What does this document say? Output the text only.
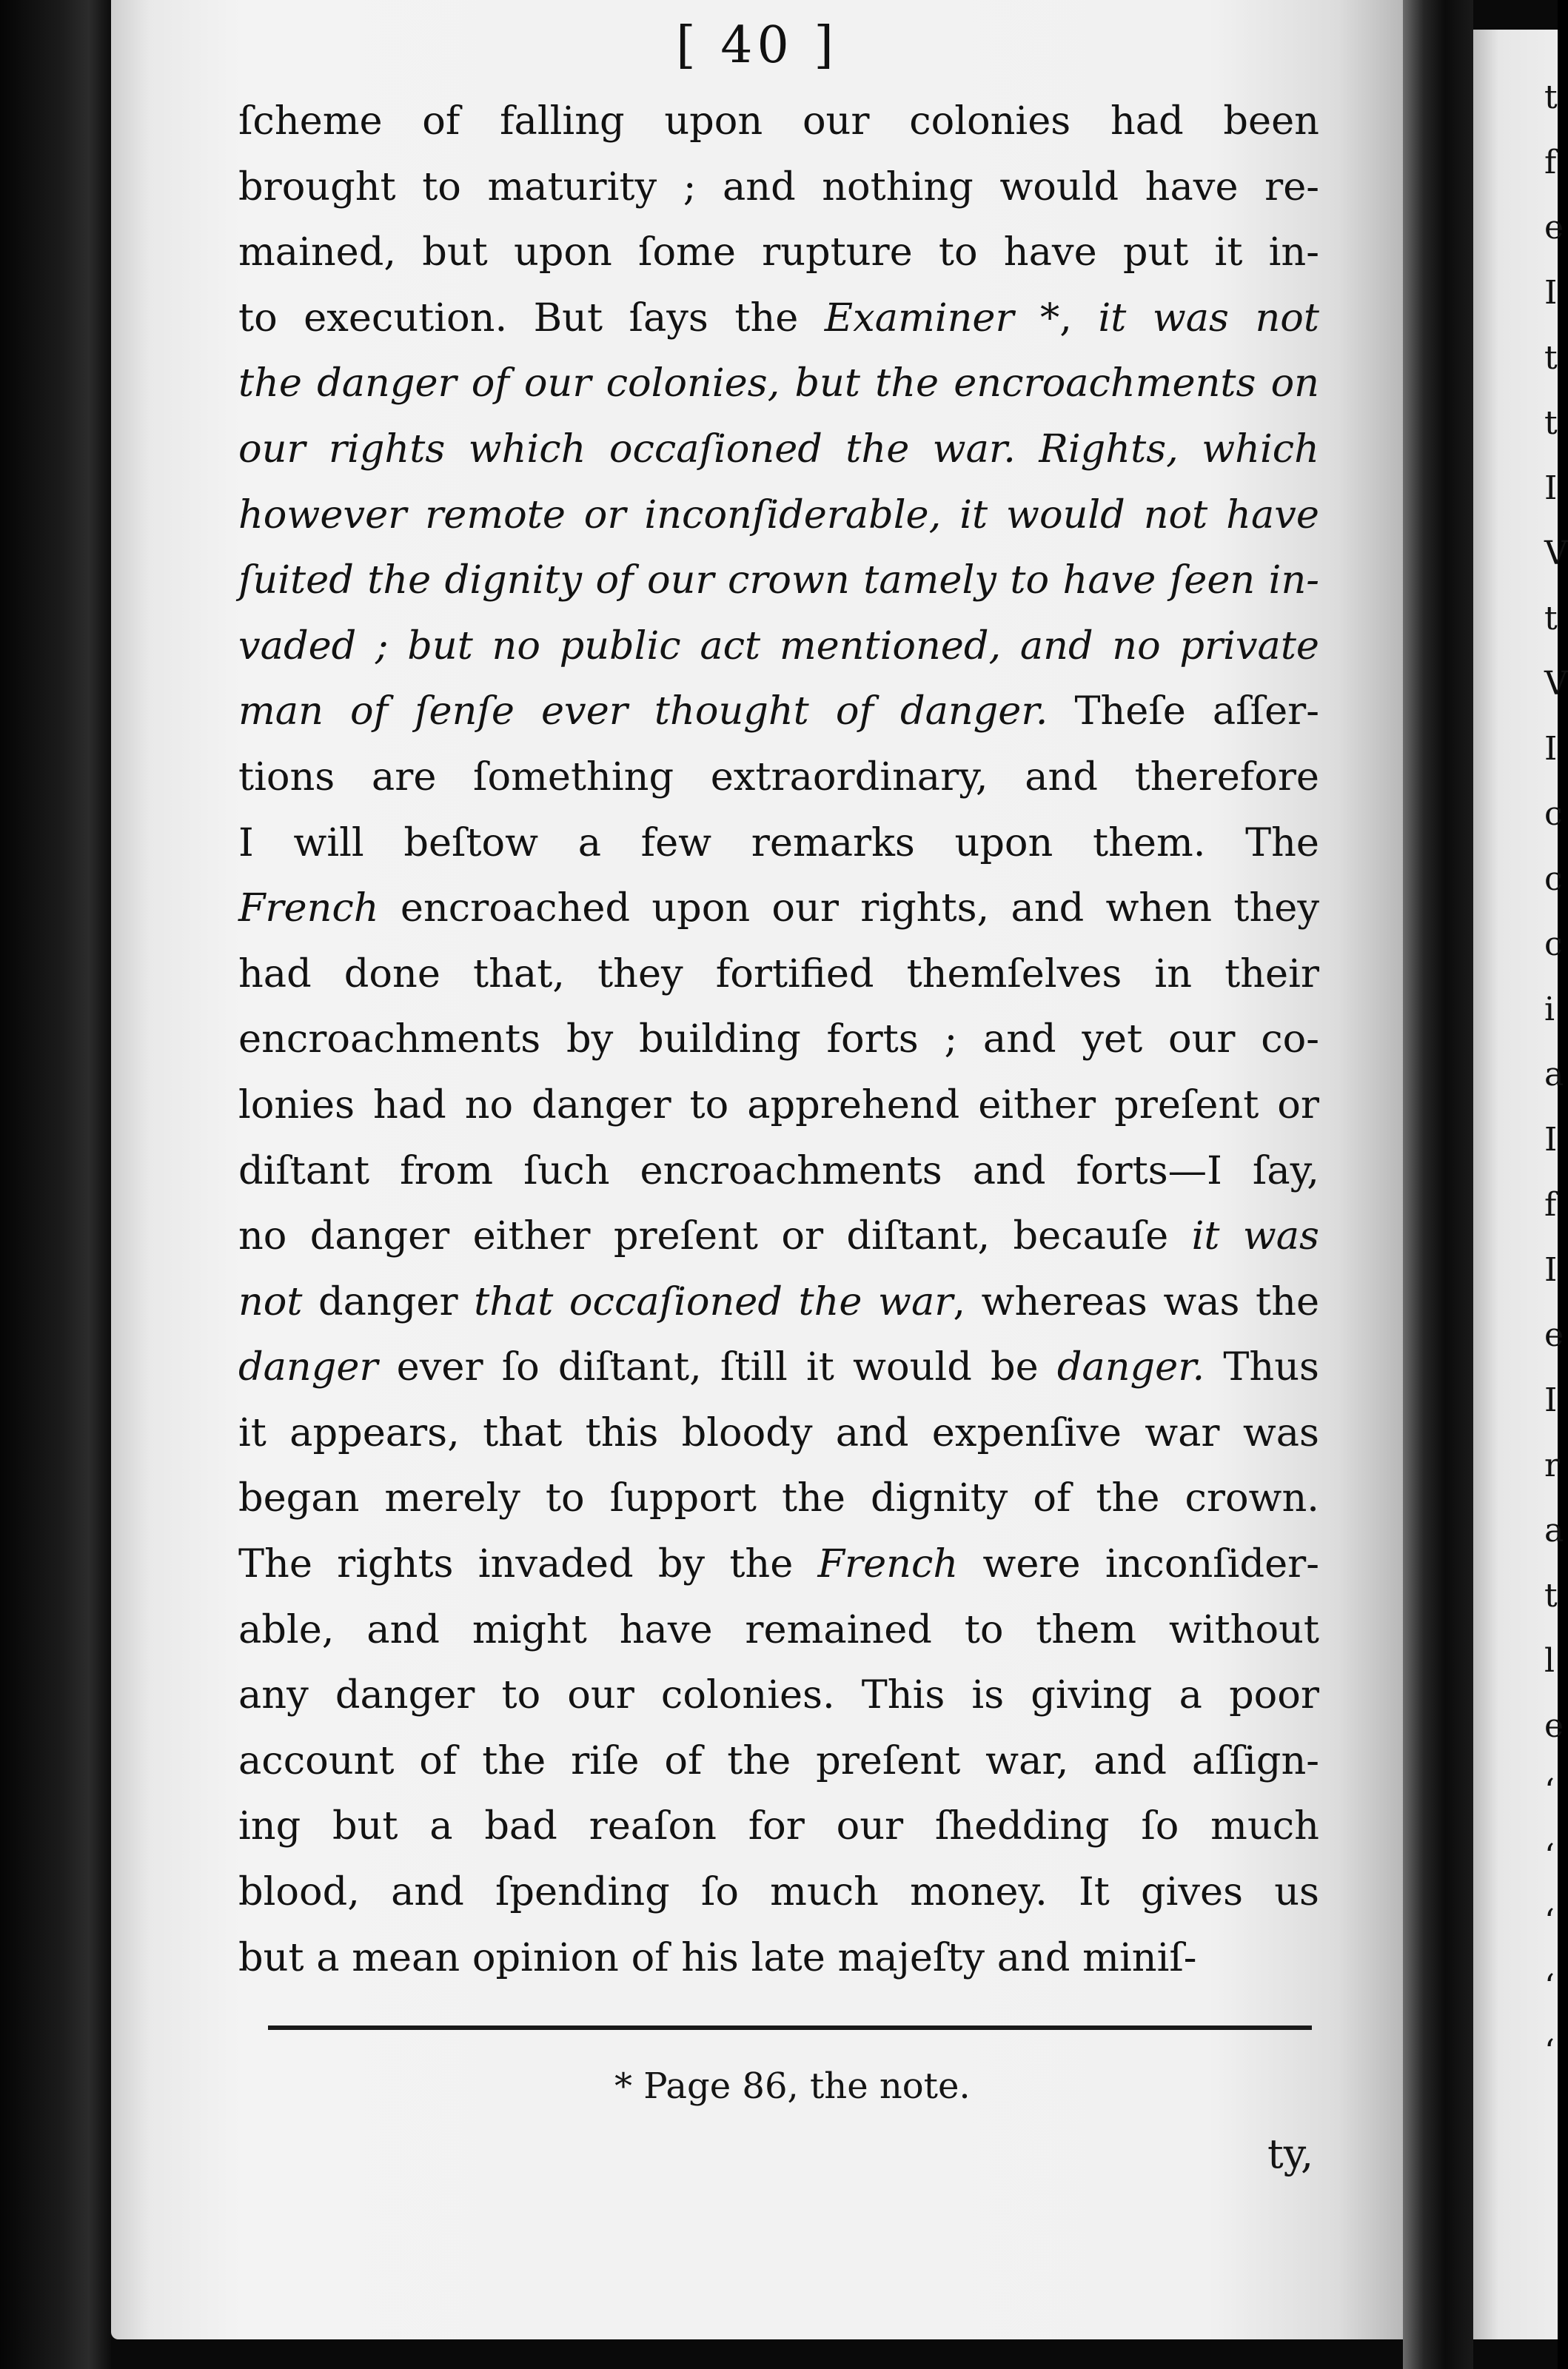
t
f
e
I
t
t
I
V
t
V
I
c
c
c
i
a
I
f
I
e
I
r
a
t
l
e
‘
‘
‘
‘
‘
[ 40 ]
ſcheme of falling upon our colonies had been
brought to maturity ; and nothing would have re-
mained, but upon ſome rupture to have put it in-
to execution. But ſays the Examiner *, it was not
the danger of our colonies, but the encroachments on
our rights which occaſioned the war. Rights, which
however remote or inconſiderable, it would not have
ſuited the dignity of our crown tamely to have ſeen in-
vaded ; but no public act mentioned, and no private
man of ſenſe ever thought of danger. Theſe aſſer-
tions are ſomething extraordinary, and therefore
I will beſtow a few remarks upon them. The
French encroached upon our rights, and when they
had done that, they fortified themſelves in their
encroachments by building forts ; and yet our co-
lonies had no danger to apprehend either preſent or
diſtant from ſuch encroachments and forts—I ſay,
no danger either preſent or diſtant, becauſe it was
not danger that occaſioned the war, whereas was the
danger ever ſo diſtant, ſtill it would be danger. Thus
it appears, that this bloody and expenſive war was
began merely to ſupport the dignity of the crown.
The rights invaded by the French were inconſider-
able, and might have remained to them without
any danger to our colonies. This is giving a poor
account of the riſe of the preſent war, and aſſign-
ing but a bad reaſon for our ſhedding ſo much
blood, and ſpending ſo much money. It gives us
but a mean opinion of his late majeſty and miniſ-
* Page 86, the note.
ty,
